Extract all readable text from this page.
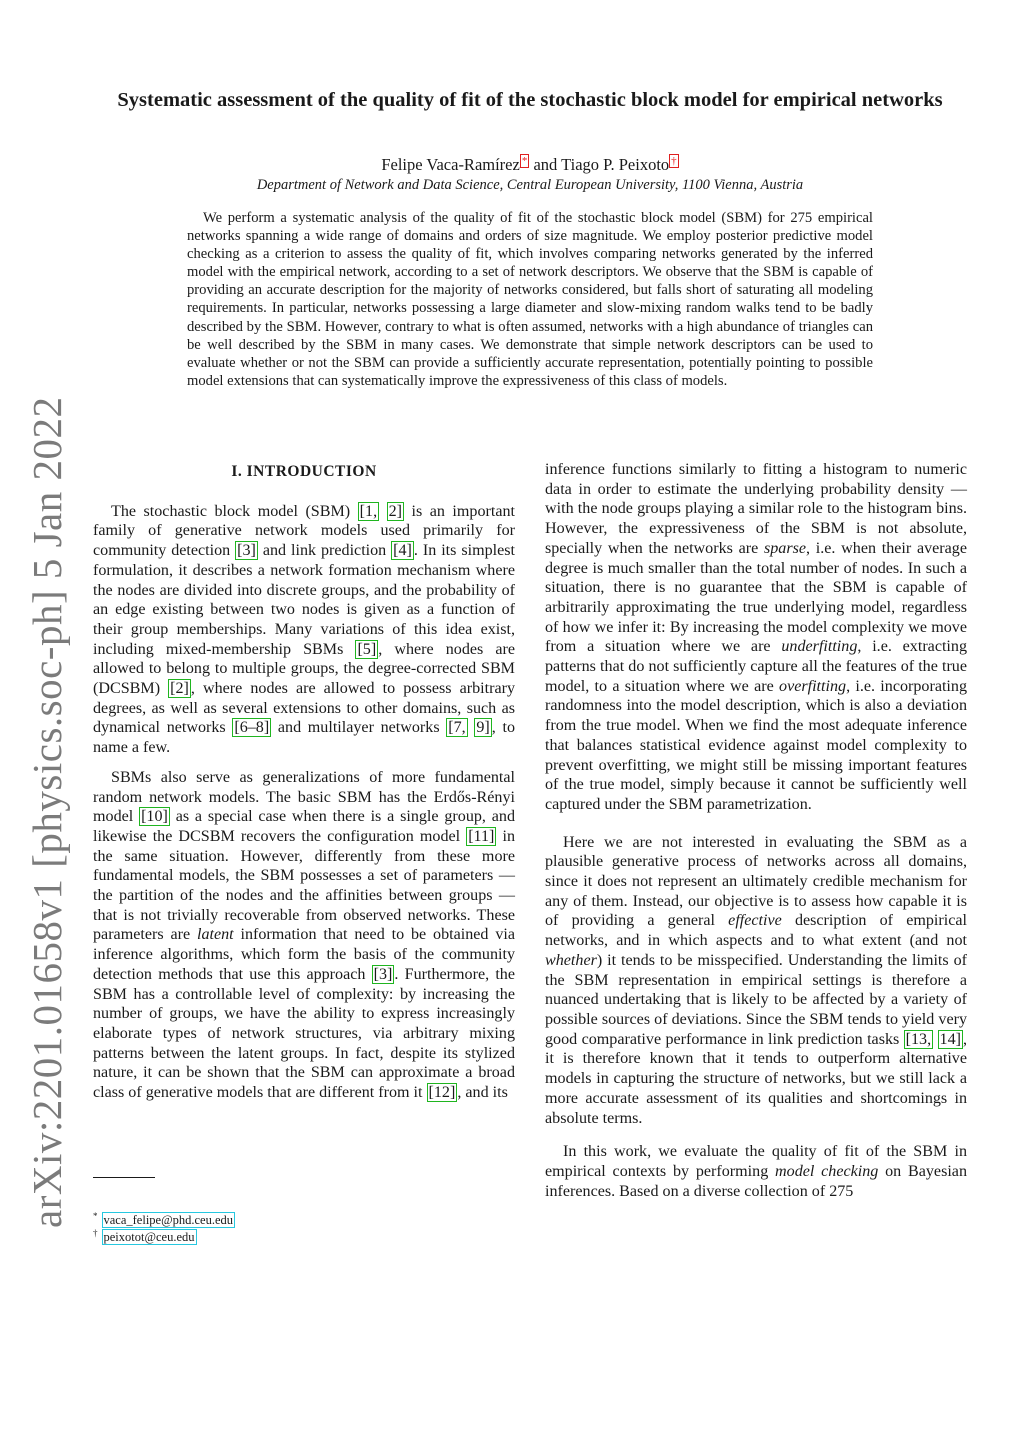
arXiv:2201.01658v1 [physics.soc-ph] 5 Jan 2022
Systematic assessment of the quality of fit of the stochastic block model for empirical networks
Felipe Vaca-Ramírez * and Tiago P. Peixoto †
Department of Network and Data Science, Central European University, 1100 Vienna, Austria

We perform a systematic analysis of the quality of fit of the stochastic block model (SBM) for 275 empirical networks spanning a wide range of domains and orders of size magnitude. We employ posterior predictive model checking as a criterion to assess the quality of fit, which involves comparing networks generated by the inferred model with the empirical network, according to a set of network descriptors. We observe that the SBM is capable of providing an accurate description for the majority of networks considered, but falls short of saturating all modeling requirements. In particular, networks possessing a large diameter and slow-mixing random walks tend to be badly described by the SBM. However, contrary to what is often assumed, networks with a high abundance of triangles can be well described by the SBM in many cases. We demonstrate that simple network descriptors can be used to evaluate whether or not the SBM can provide a sufficiently accurate representation, potentially pointing to possible model extensions that can systematically improve the expressiveness of this class of models.

I. INTRODUCTION

The stochastic block model (SBM) [1, 2] is an important family of generative network models used primarily for community detection [3] and link prediction [4] . In its simplest formulation, it describes a network formation mechanism where the nodes are divided into discrete groups, and the probability of an edge existing between two nodes is given as a function of their group memberships. Many variations of this idea exist, including mixed-membership SBMs [5] , where nodes are allowed to belong to multiple groups, the degree-corrected SBM (DCSBM) [2] , where nodes are allowed to possess arbitrary degrees, as well as several extensions to other domains, such as dynamical networks [6–8] and multilayer networks [7, 9] , to name a few.

SBMs also serve as generalizations of more fundamental random network models. The basic SBM has the Erdős-Rényi model [10] as a special case when there is a single group, and likewise the DCSBM recovers the configuration model [11] in the same situation. However, differently from these more fundamental models, the SBM possesses a set of parameters — the partition of the nodes and the affinities between groups — that is not trivially recoverable from observed networks. These parameters are latent information that need to be obtained via inference algorithms, which form the basis of the community detection methods that use this approach [3] . Furthermore, the SBM has a controllable level of complexity: by increasing the number of groups, we have the ability to express increasingly elaborate types of network structures, via arbitrary mixing patterns between the latent groups. In fact, despite its stylized nature, it can be shown that the SBM can approximate a broad class of generative models that are different from it [12] , and its

inference functions similarly to fitting a histogram to numeric data in order to estimate the underlying probability density — with the node groups playing a similar role to the histogram bins. However, the expressiveness of the SBM is not absolute, specially when the networks are sparse, i.e. when their average degree is much smaller than the total number of nodes. In such a situation, there is no guarantee that the SBM is capable of arbitrarily approximating the true underlying model, regardless of how we infer it: By increasing the model complexity we move from a situation where we are underfitting, i.e. extracting patterns that do not sufficiently capture all the features of the true model, to a situation where we are overfitting, i.e. incorporating randomness into the model description, which is also a deviation from the true model. When we find the most adequate inference that balances statistical evidence against model complexity to prevent overfitting, we might still be missing important features of the true model, simply because it cannot be sufficiently well captured under the SBM parametrization.

Here we are not interested in evaluating the SBM as a plausible generative process of networks across all domains, since it does not represent an ultimately credible mechanism for any of them. Instead, our objective is to assess how capable it is of providing a general effective description of empirical networks, and in which aspects and to what extent (and not whether) it tends to be misspecified. Understanding the limits of the SBM representation in empirical settings is therefore a nuanced undertaking that is likely to be affected by a variety of possible sources of deviations. Since the SBM tends to yield very good comparative performance in link prediction tasks [13, 14] , it is therefore known that it tends to outperform alternative models in capturing the structure of networks, but we still lack a more accurate assessment of its qualities and shortcomings in absolute terms.

In this work, we evaluate the quality of fit of the SBM in empirical contexts by performing model checking on Bayesian inferences. Based on a diverse collection of 275

* vaca_felipe@phd.ceu.edu
† peixotot@ceu.edu
